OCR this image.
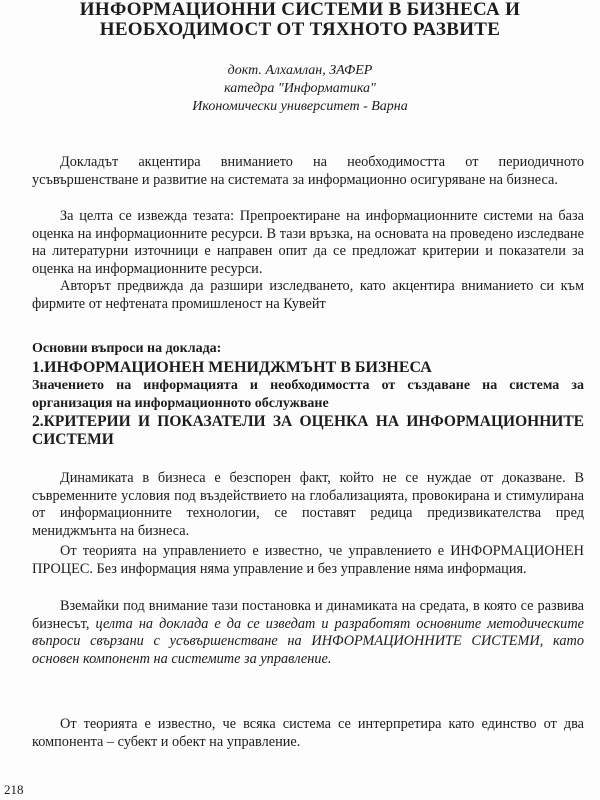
ИНФОРМАЦИОННИ СИСТЕМИ В БИЗНЕСА И
НЕОБХОДИМОСТ ОТ ТЯХНОТО РАЗВИТЕ
докт. Алхамлан, ЗАФЕР
катедра "Информатика"
Икономически университет - Варна
Докладът акцентира вниманието на необходимостта от периодичното усъвършенстване и развитие на системата за информационно осигуряване на бизнеса.
За целта се извежда тезата: Препроектиране на информационните системи на база оценка на информационните ресурси. В тази връзка, на основата на проведено изследване на литературни източници е направен опит да се предложат критерии и показатели за оценка на информационните ресурси.
Авторът предвижда да разшири изследването, като акцентира вниманието си към фирмите от нефтената промишленост на Кувейт
Основни въпроси на доклада:
1.ИНФОРМАЦИОНЕН МЕНИДЖМЪНТ В БИЗНЕСА
Значението на информацията и необходимостта от създаване на система за организация на информационното обслужване
2.КРИТЕРИИ И ПОКАЗАТЕЛИ ЗА ОЦЕНКА НА ИНФОРМАЦИОННИТЕ СИСТЕМИ
Динамиката в бизнеса е безспорен факт, който не се нуждае от доказване. В съвременните условия под въздействието на глобализацията, провокирана и стимулирана от информационните технологии, се поставят редица предизвикателства пред мениджмънта на бизнеса.
От теорията на управлението е известно, че управлението е ИНФОРМАЦИОНЕН ПРОЦЕС. Без информация няма управление и без управление няма информация.
Вземайки под внимание тази постановка и динамиката на средата, в която се развива бизнесът, целта на доклада е да се изведат и разработят основните методическите въпроси свързани с усъвършенстване на ИНФОРМАЦИОННИТЕ СИСТЕМИ, като основен компонент на системите за управление.
От теорията е известно, че всяка система се интерпретира като единство от два компонента – субект и обект на управление.
218
